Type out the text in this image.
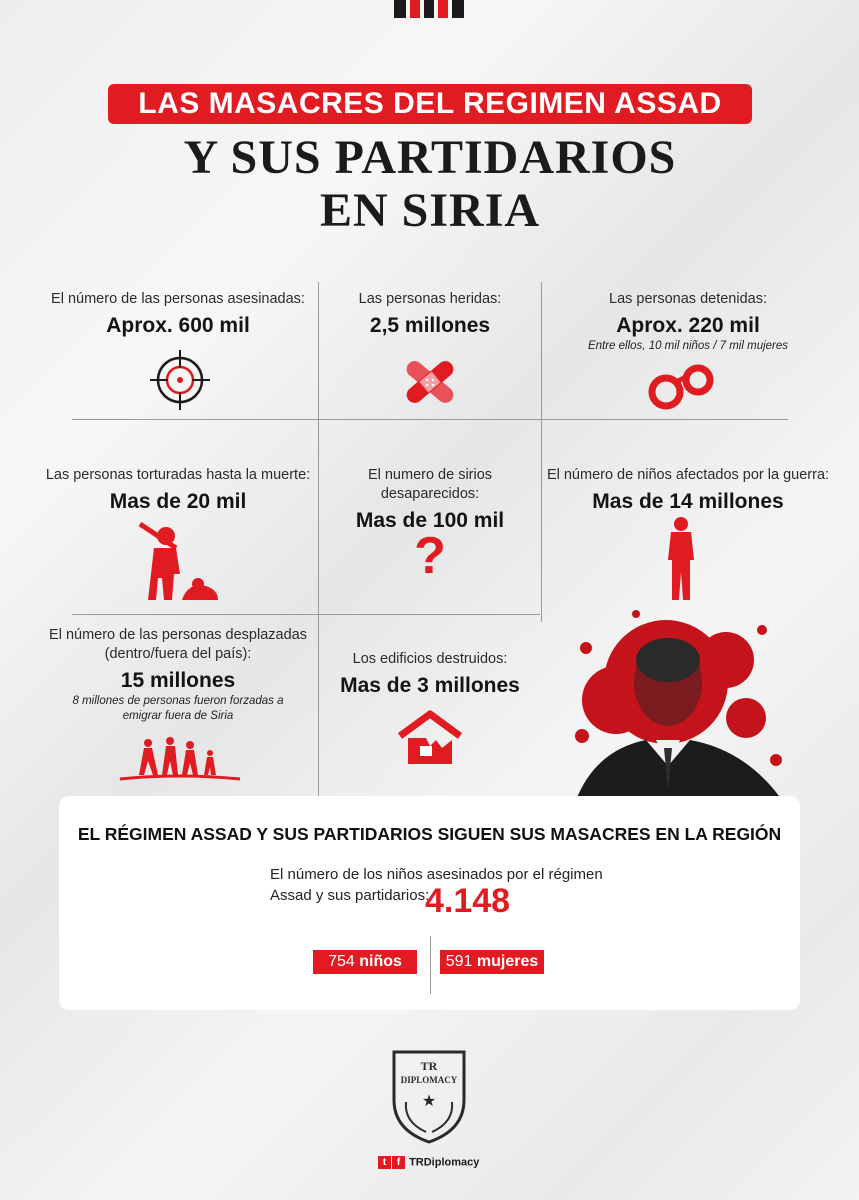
LAS MASACRES DEL REGIMEN ASSAD
Y SUS PARTIDARIOS
EN SIRIA
El número de las personas asesinadas:
Aprox. 600 mil
Las personas heridas:
2,5 millones
Las personas detenidas:
Aprox. 220 mil
Entre ellos, 10 mil niños / 7 mil mujeres
Las personas torturadas hasta la muerte:
Mas de 20 mil
El numero de sirios desaparecidos:
Mas de 100 mil
?
El número de niños afectados por la guerra:
Mas de 14 millones
El número de las personas desplazadas
(dentro/fuera del país):
15 millones
8 millones de personas fueron forzadas a
emigrar fuera de Siria
Los edificios destruidos:
Mas de 3 millones
EL RÉGIMEN ASSAD Y SUS PARTIDARIOS SIGUEN SUS MASACRES EN LA REGIÓN
El número de los niños asesinados por el régimen
Assad y sus partidarios:
4.148
754 niños	591 mujeres
TR
DIPLOMACY
★
t f TRDiplomacy
